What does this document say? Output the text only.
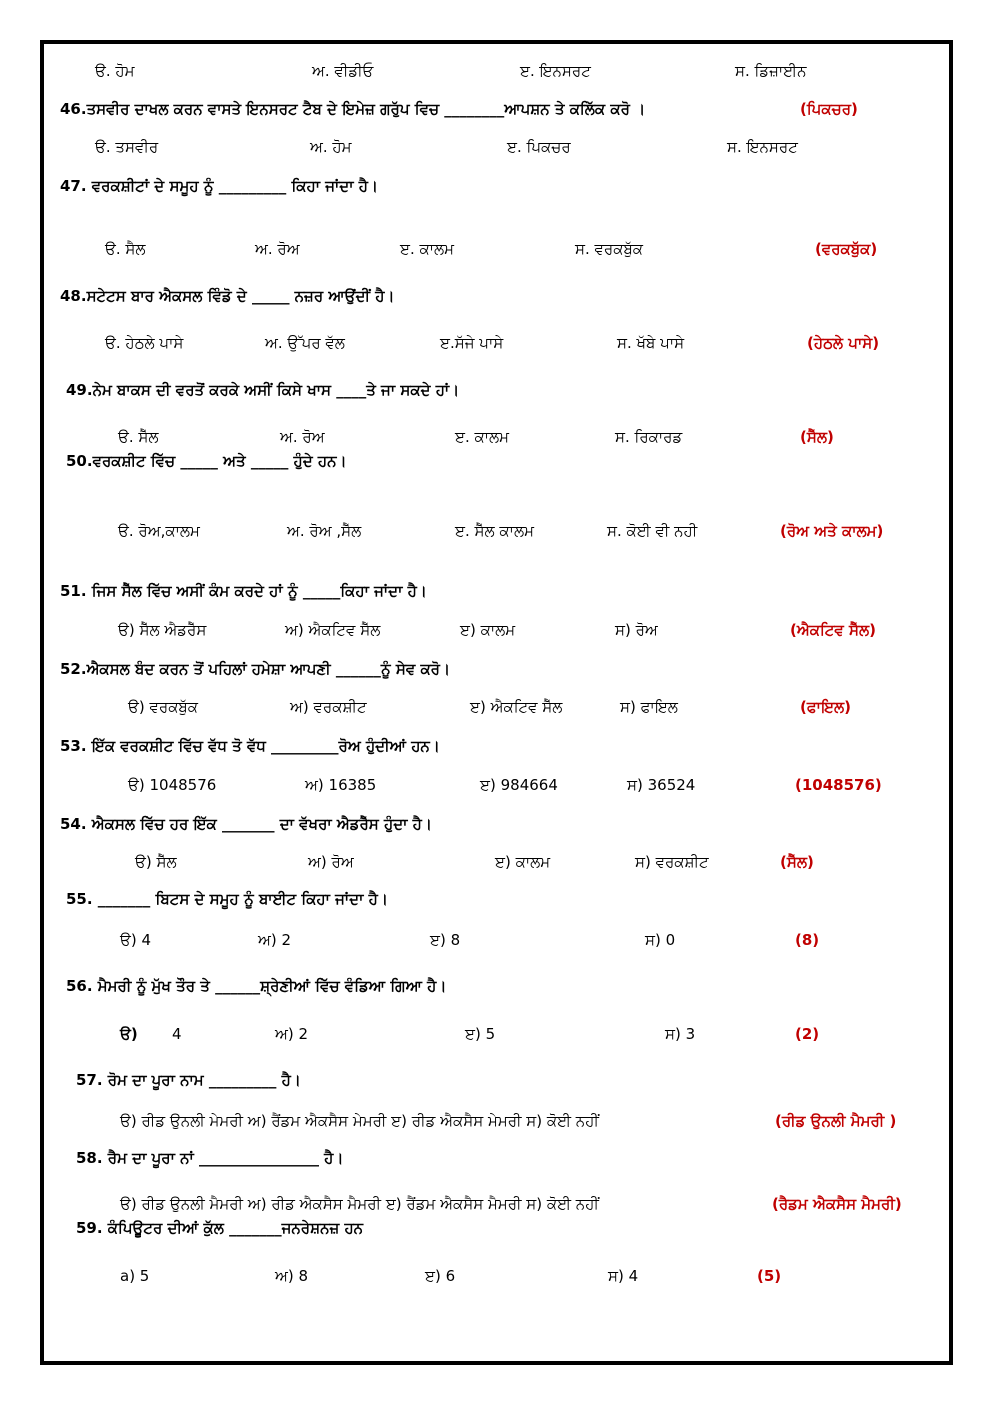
ੳ. ਹੋਮ	ਅ. ਵੀਡੀਓ	ੲ. ਇਨਸਰਟ	ਸ. ਡਿਜ਼ਾਈਨ
46.ਤਸਵੀਰ ਦਾਖਲ ਕਰਨ ਵਾਸਤੇ ਇਨਸਰਟ ਟੈਬ ਦੇ ਇਮੇਜ਼ ਗਰੁੱਪ ਵਿਚ ________ਆਪਸ਼ਨ ਤੇ ਕਲਿੱਕ ਕਰੋ ।	(ਪਿਕਚਰ)
ੳ. ਤਸਵੀਰ	ਅ. ਹੋਮ	ੲ. ਪਿਕਚਰ	ਸ. ਇਨਸਰਟ
47. ਵਰਕਸ਼ੀਟਾਂ ਦੇ ਸਮੂਹ ਨੂੰ _________ ਕਿਹਾ ਜਾਂਦਾ ਹੈ।
ੳ. ਸੈਲ	ਅ. ਰੋਅ	ੲ. ਕਾਲਮ	ਸ. ਵਰਕਬੁੱਕ	(ਵਰਕਬੁੱਕ)
48.ਸਟੇਟਸ ਬਾਰ ਐਕਸਲ ਵਿੰਡੋ ਦੇ _____ ਨਜ਼ਰ ਆਉਂਦੀਂ ਹੈ।
ੳ. ਹੇਠਲੇ ਪਾਸੇ	ਅ. ਉੱਪਰ ਵੱਲ	ੲ.ਸੱਜੇ ਪਾਸੇ	ਸ. ਖੱਬੇ ਪਾਸੇ	(ਹੇਠਲੇ ਪਾਸੇ)
49.ਨੇਮ ਬਾਕਸ ਦੀ ਵਰਤੋਂ ਕਰਕੇ ਅਸੀਂ ਕਿਸੇ ਖਾਸ ____ਤੇ ਜਾ ਸਕਦੇ ਹਾਂ।
ੳ. ਸੈੱਲ	ਅ. ਰੋਅ	ੲ. ਕਾਲਮ	ਸ. ਰਿਕਾਰਡ	(ਸੈੱਲ)
50.ਵਰਕਸ਼ੀਟ ਵਿੱਚ _____ ਅਤੇ _____ ਹੁੰਦੇ ਹਨ।
ੳ. ਰੋਅ,ਕਾਲਮ	ਅ. ਰੋਅ ,ਸੈੱਲ	ੲ. ਸੈੱਲ ਕਾਲਮ	ਸ. ਕੋਈ ਵੀ ਨਹੀ	(ਰੋਅ ਅਤੇ ਕਾਲਮ)
51. ਜਿਸ ਸੈੱਲ ਵਿੱਚ ਅਸੀਂ ਕੰਮ ਕਰਦੇ ਹਾਂ ਨੂੰ _____ਕਿਹਾ ਜਾਂਦਾ ਹੈ।
ੳ) ਸੈੱਲ ਐਡਰੈੱਸ	ਅ) ਐਕਟਿਵ ਸੈੱਲ	ੲ) ਕਾਲਮ	ਸ) ਰੋਅ	(ਐਕਟਿਵ ਸੈੱਲ)
52.ਐਕਸਲ ਬੰਦ ਕਰਨ ਤੋਂ ਪਹਿਲਾਂ ਹਮੇਸ਼ਾ ਆਪਣੀ ______ਨੂੰ ਸੇਵ ਕਰੋ।
ੳ) ਵਰਕਬੁੱਕ	ਅ) ਵਰਕਸ਼ੀਟ	ੲ) ਐਕਟਿਵ ਸੈੱਲ	ਸ) ਫਾਇਲ	(ਫਾਇਲ)
53. ਇੱਕ ਵਰਕਸ਼ੀਟ ਵਿੱਚ ਵੱਧ ਤੋ ਵੱਧ _________ਰੋਅ ਹੁੰਦੀਆਂ ਹਨ।
ੳ) 1048576	ਅ) 16385	ੲ) 984664	ਸ) 36524	(1048576)
54. ਐਕਸਲ ਵਿੱਚ ਹਰ ਇੱਕ _______ ਦਾ ਵੱਖਰਾ ਐਡਰੈੱਸ ਹੁੰਦਾ ਹੈ।
ੳ) ਸੈੱਲ	ਅ) ਰੋਅ	ੲ) ਕਾਲਮ	ਸ) ਵਰਕਸ਼ੀਟ	(ਸੈੱਲ)
55. _______ ਬਿਟਸ ਦੇ ਸਮੂਹ ਨੂੰ ਬਾਈਟ ਕਿਹਾ ਜਾਂਦਾ ਹੈ।
ੳ) 4	ਅ) 2	ੲ) 8	ਸ) 0	(8)
56. ਮੈਮਰੀ ਨੂੰ ਮੁੱਖ ਤੌਰ ਤੇ ______ਸ਼੍ਰੇਣੀਆਂ ਵਿੱਚ ਵੰਡਿਆ ਗਿਆ ਹੈ।
ੳ) 4	ਅ) 2	ੲ) 5	ਸ) 3	(2)
57. ਰੋਮ ਦਾ ਪੂਰਾ ਨਾਮ _________ ਹੈ।
ੳ) ਰੀਡ ਉਨਲੀ ਮੇਮਰੀ ਅ) ਰੈਂਡਮ ਐਕਸੈਸ ਮੇਮਰੀ ੲ) ਰੀਡ ਐਕਸੈਸ ਮੇਮਰੀ ਸ) ਕੋਈ ਨਹੀਂ	(ਰੀਡ ਉਨਲੀ ਮੈਮਰੀ )
58. ਰੈਮ ਦਾ ਪੂਰਾ ਨਾਂ ________________ ਹੈ।
ੳ) ਰੀਡ ਉਨਲੀ ਮੈਮਰੀ ਅ) ਰੀਡ ਐਕਸੈਸ ਮੈਮਰੀ ੲ) ਰੈਂਡਮ ਐਕਸੈਸ ਮੈਮਰੀ ਸ) ਕੋਈ ਨਹੀਂ	(ਰੈਡਮ ਐਕਸੈਸ ਮੈਮਰੀ)
59. ਕੰਪਿਊਟਰ ਦੀਆਂ ਕੁੱਲ _______ਜਨਰੇਸ਼ਨਜ਼ ਹਨ
a) 5	ਅ) 8	ੲ) 6	ਸ) 4	(5)
